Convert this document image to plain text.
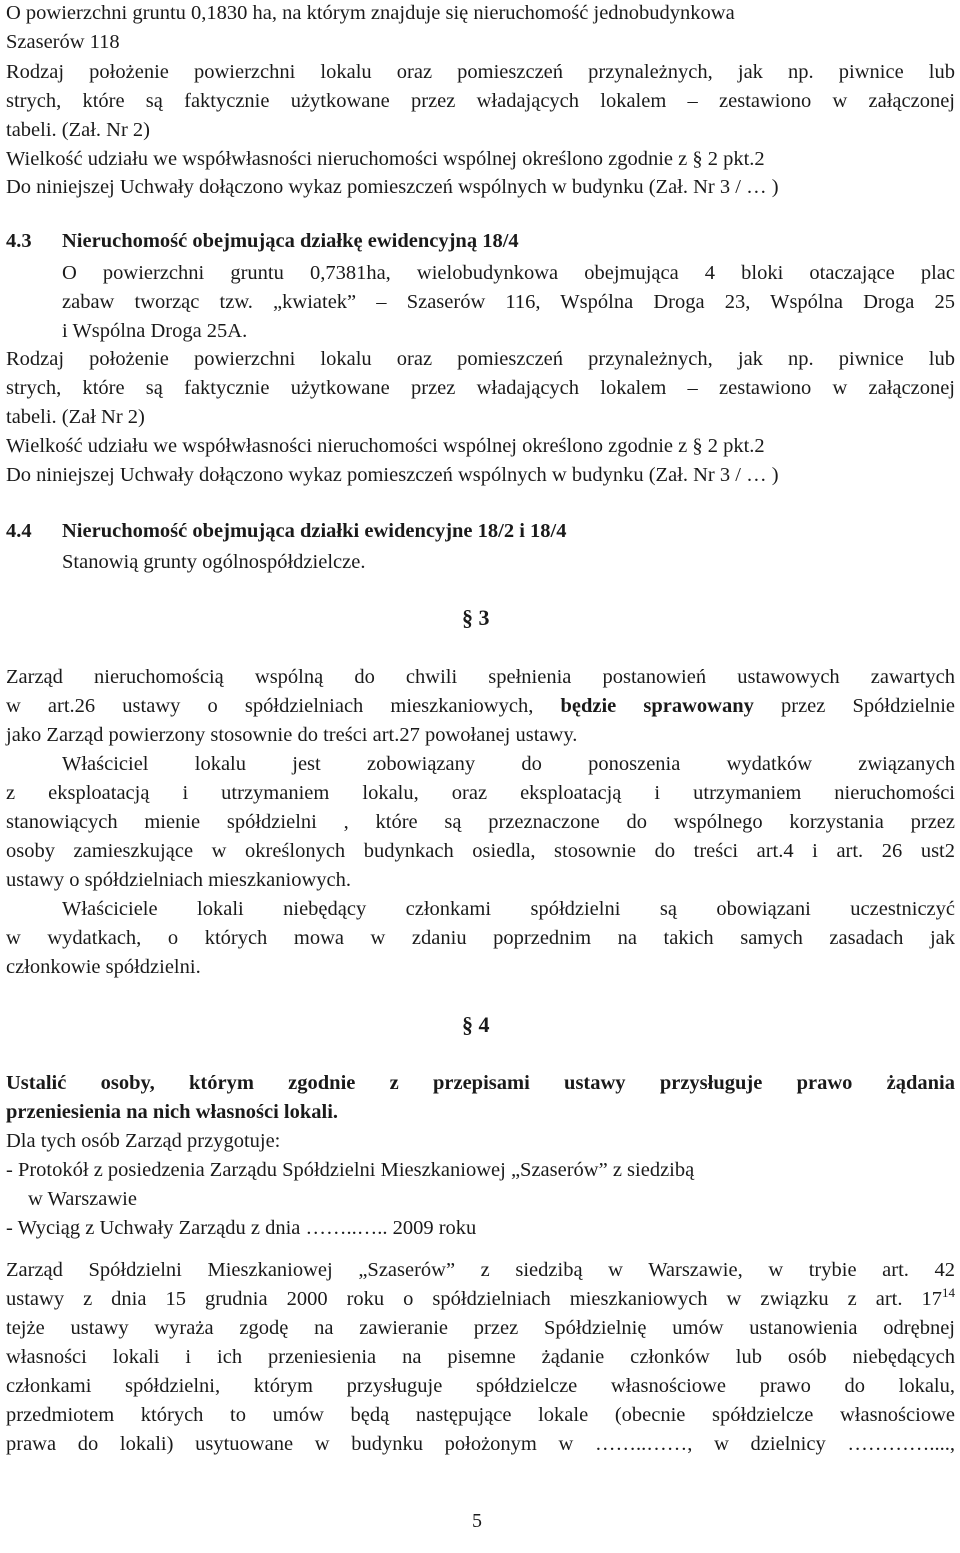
O powierzchni gruntu 0,1830 ha, na którym znajduje się nieruchomość jednobudynkowa
Szaserów 118
Rodzaj położenie powierzchni lokalu oraz pomieszczeń przynależnych, jak np. piwnice lub
strych, które są faktycznie użytkowane przez władających lokalem – zestawiono w załączonej
tabeli. (Zał. Nr 2)
Wielkość udziału we współwłasności nieruchomości wspólnej określono zgodnie z § 2 pkt.2
Do niniejszej Uchwały dołączono wykaz pomieszczeń wspólnych w budynku (Zał. Nr 3 / … )
4.3 Nieruchomość obejmująca działkę ewidencyjną 18/4
O powierzchni gruntu 0,7381ha, wielobudynkowa obejmująca 4 bloki otaczające plac
zabaw tworząc tzw. „kwiatek” – Szaserów 116, Wspólna Droga 23, Wspólna Droga 25
i Wspólna Droga 25A.
Rodzaj położenie powierzchni lokalu oraz pomieszczeń przynależnych, jak np. piwnice lub
strych, które są faktycznie użytkowane przez władających lokalem – zestawiono w załączonej
tabeli. (Zał Nr 2)
Wielkość udziału we współwłasności nieruchomości wspólnej określono zgodnie z § 2 pkt.2
Do niniejszej Uchwały dołączono wykaz pomieszczeń wspólnych w budynku (Zał. Nr 3 / … )
4.4 Nieruchomość obejmująca działki ewidencyjne 18/2 i 18/4
Stanowią grunty ogólnospółdzielcze.
§ 3
Zarząd nieruchomością wspólną do chwili spełnienia postanowień ustawowych zawartych
w art.26 ustawy o spółdzielniach mieszkaniowych, będzie sprawowany przez Spółdzielnie
jako Zarząd powierzony stosownie do treści art.27 powołanej ustawy.
Właściciel lokalu jest zobowiązany do ponoszenia wydatków związanych
z eksploatacją i utrzymaniem lokalu, oraz eksploatacją i utrzymaniem nieruchomości
stanowiących mienie spółdzielni , które są przeznaczone do wspólnego korzystania przez
osoby zamieszkujące w określonych budynkach osiedla, stosownie do treści art.4 i art. 26 ust2
ustawy o spółdzielniach mieszkaniowych.
Właściciele lokali niebędący członkami spółdzielni są obowiązani uczestniczyć
w wydatkach, o których mowa w zdaniu poprzednim na takich samych zasadach jak
członkowie spółdzielni.
§ 4
Ustalić osoby, którym zgodnie z przepisami ustawy przysługuje prawo żądania
przeniesienia na nich własności lokali.
Dla tych osób Zarząd przygotuje:
- Protokół z posiedzenia Zarządu Spółdzielni Mieszkaniowej „Szaserów” z siedzibą
w Warszawie
- Wyciąg z Uchwały Zarządu z dnia ……..….. 2009 roku
Zarząd Spółdzielni Mieszkaniowej „Szaserów” z siedzibą w Warszawie, w trybie art. 42
ustawy z dnia 15 grudnia 2000 roku o spółdzielniach mieszkaniowych w związku z art. $17^{14}$
tejże ustawy wyraża zgodę na zawieranie przez Spółdzielnię umów ustanowienia odrębnej
własności lokali i ich przeniesienia na pisemne żądanie członków lub osób niebędących
członkami spółdzielni, którym przysługuje spółdzielcze własnościowe prawo do lokalu,
przedmiotem których to umów będą następujące lokale (obecnie spółdzielcze własnościowe
prawa do lokali) usytuowane w budynku położonym w ……..……, w dzielnicy …………....,
5
